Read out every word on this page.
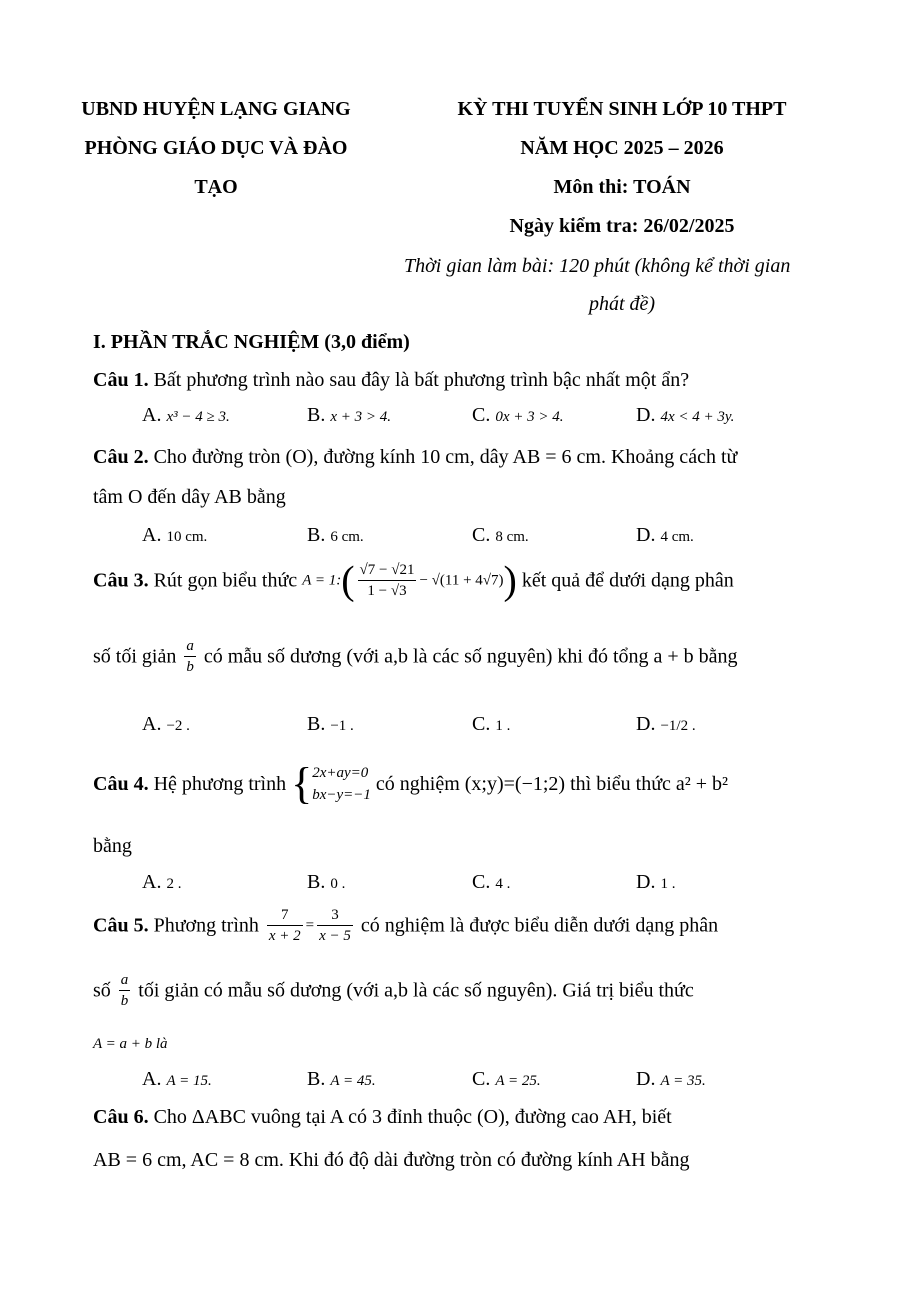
UBND HUYỆN LẠNG GIANG
PHÒNG GIÁO DỤC VÀ ĐÀO
TẠO
KỲ THI TUYỂN SINH LỚP 10 THPT
NĂM HỌC 2025 – 2026
Môn thi: TOÁN
Ngày kiểm tra: 26/02/2025
Thời gian làm bài: 120 phút (không kể thời gian
phát đề)
I. PHẦN TRẮC NGHIỆM (3,0 điểm)
Câu 1. Bất phương trình nào sau đây là bất phương trình bậc nhất một ẩn?
A. x³ − 4 ≥ 3.	B. x + 3 > 4.	C. 0x + 3 > 4.	D. 4x < 4 + 3y.
Câu 2. Cho đường tròn (O), đường kính 10 cm, dây AB = 6 cm. Khoảng cách từ
tâm O đến dây AB bằng
A. 10 cm.	B. 6 cm.	C. 8 cm.	D. 4 cm.
Câu 3. Rút gọn biểu thức A = 1:( $\frac{√7 - √21}{1 - √3} - √(11 + 4√7)$) kết quả để dưới dạng phân
số tối giản $\frac{a}{b}$ có mẫu số dương (với a,b là các số nguyên) khi đó tổng a + b bằng
A. −2 .	B. −1 .	C. 1 .	D. −1/2 .
Câu 4. Hệ phương trình { 2x+ay=0
bx−y=−1 có nghiệm (x;y)=(−1;2) thì biểu thức a² + b²
bằng
A. 2 .	B. 0 .	C. 4 .	D. 1 .
Câu 5. Phương trình $\frac{7}{x + 2} = \frac{3}{x - 5}$ có nghiệm là được biểu diễn dưới dạng phân
số $\frac{a}{b}$ tối giản có mẫu số dương (với a,b là các số nguyên). Giá trị biểu thức
A = a + b là
A. A = 15.	B. A = 45.	C. A = 25.	D. A = 35.
Câu 6. Cho ΔABC vuông tại A có 3 đỉnh thuộc (O), đường cao AH, biết
AB = 6 cm, AC = 8 cm. Khi đó độ dài đường tròn có đường kính AH bằng
